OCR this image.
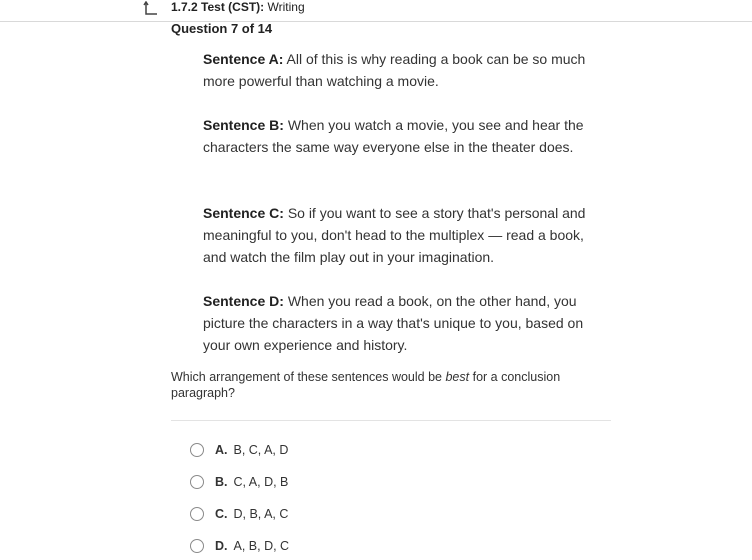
1.7.2 Test (CST): Writing
Question 7 of 14
Sentence A: All of this is why reading a book can be so much more powerful than watching a movie.
Sentence B: When you watch a movie, you see and hear the characters the same way everyone else in the theater does.
Sentence C: So if you want to see a story that's personal and meaningful to you, don't head to the multiplex — read a book, and watch the film play out in your imagination.
Sentence D: When you read a book, on the other hand, you picture the characters in a way that's unique to you, based on your own experience and history.
Which arrangement of these sentences would be best for a conclusion paragraph?
A. B, C, A, D
B. C, A, D, B
C. D, B, A, C
D. A, B, D, C
